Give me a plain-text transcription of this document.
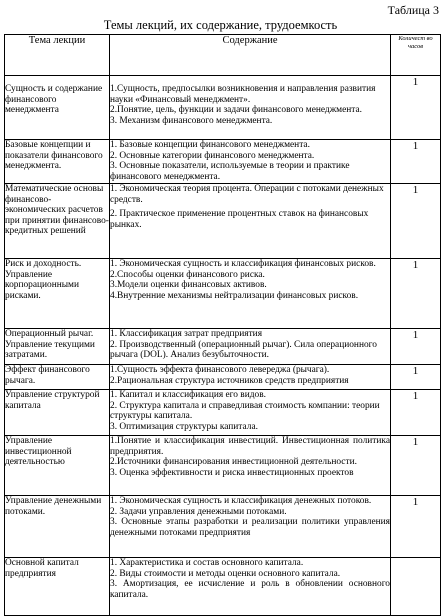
Таблица 3
Темы лекций, их содержание, трудоемкость
Тема лекции	Содержание	Количест во часов

Сущность и содержание финансового менеджмента	1.Сущность, предпосылки возникновения и направления развития науки «Финансовый менеджмент».
2.Понятие, цель, функции и задачи финансового менеджмента.
3. Механизм финансового менеджмента.	1

Базовые концепции и показатели финансового менеджмента.	1. Базовые концепции финансового менеджмента.
2. Основные категории финансового менеджмента.
3. Основные показатели, используемые в теории и практике финансового менеджмента.	1

Математические основы финансово-экономических расчетов при принятии финансово-кредитных решений	1. Экономическая теория процента. Операции с потоками денежных средств.
2. Практическое применение процентных ставок на финансовых рынках.	1

Риск и доходность. Управление корпорационными рисками.	1. Экономическая сущность и классификация финансовых рисков.
2.Способы оценки финансового риска.
3.Модели оценки финансовых активов.
4.Внутренние механизмы нейтрализации финансовых рисков.	1

Операционный рычаг. Управление текущими затратами.	1. Классификация затрат предприятия
2. Производственный (операционный рычаг). Сила операционного рычага (DOL). Анализ безубыточности.	1

Эффект финансового рычага.	1.Сущность эффекта финансового левереджа (рычага).
2.Рациональная структура источников средств предприятия	1

Управление структурой капитала	1. Капитал и классификация его видов.
2. Структура капитала и справедливая стоимость компании: теории структуры капитала.
3. Оптимизация структуры капитала.	1

Управление инвестиционной деятельностью	1.Понятие и классификация инвестиций. Инвестиционная политика предприятия.
2.Источники финансирования инвестиционной деятельности.
3. Оценка эффективности и риска инвестиционных проектов	1

Управление денежными потоками.	1. Экономическая сущность и классификация денежных потоков.
2. Задачи управления денежными потоками.
3. Основные этапы разработки и реализации политики управления денежными потоками предприятия	1

Основной капитал предприятия	1. Характеристика и состав основного капитала.
2. Виды стоимости и методы оценки основного капитала.
3. Амортизация, ее исчисление и роль в обновлении основного капитала.	
